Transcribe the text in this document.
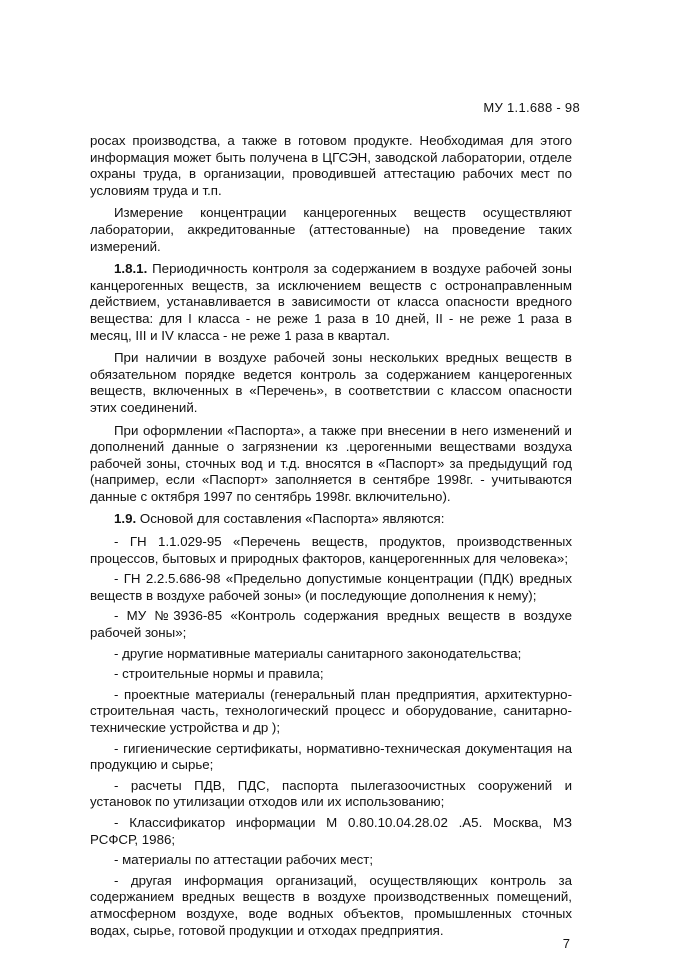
МУ 1.1.688 - 98

росах производства, а также в готовом продукте. Необходимая для этого информация может быть получена в ЦГСЭН, заводской лаборатории, отделе охраны труда, в организации, проводившей аттестацию рабочих мест по условиям труда и т.п.

Измерение концентрации канцерогенных веществ осуществляют лаборатории, аккредитованные (аттестованные) на проведение таких измерений.

1.8.1. Периодичность контроля за содержанием в воздухе рабочей зоны канцерогенных веществ, за исключением веществ с остронаправленным действием, устанавливается в зависимости от класса опасности вредного вещества: для I класса - не реже 1 раза в 10 дней, II - не реже 1 раза в месяц, III и IV класса - не реже 1 раза в квартал.

При наличии в воздухе рабочей зоны нескольких вредных веществ в обязательном порядке ведется контроль за содержанием канцерогенных веществ, включенных в «Перечень», в соответствии с классом опасности этих соединений.

При оформлении «Паспорта», а также при внесении в него изменений и дополнений данные о загрязнении кз .церогенными веществами воздуха рабочей зоны, сточных вод и т.д. вносятся в «Паспорт» за предыдущий год (например, если «Паспорт» заполняется в сентябре 1998г. - учитываются данные с октября 1997 по сентябрь 1998г. включительно).

1.9. Основой для составления «Паспорта» являются:

- ГН 1.1.029-95 «Перечень веществ, продуктов, производственных процессов, бытовых и природных факторов, канцерогеннных для человека»;

- ГН 2.2.5.686-98 «Предельно допустимые концентрации (ПДК) вредных веществ в воздухе рабочей зоны» (и последующие дополнения к нему);

- МУ №3936-85 «Контроль содержания вредных веществ в воздухе рабочей зоны»;

- другие нормативные материалы санитарного законодательства;

- строительные нормы и правила;

- проектные материалы (генеральный план предприятия, архитектурно-строительная часть, технологический процесс и оборудование, санитарно-технические устройства и др );

- гигиенические сертификаты, нормативно-техническая документация на продукцию и сырье;

- расчеты ПДВ, ПДС, паспорта пылегазоочистных сооружений и установок по утилизации отходов или их использованию;

- Классификатор информации М 0.80.10.04.28.02 .А5. Москва, МЗ РСФСР, 1986;

- материалы по аттестации рабочих мест;

- другая информация организаций, осуществляющих контроль за содержанием вредных веществ в воздухе производственных помещений, атмосферном воздухе, воде водных объектов, промышленных сточных водах, сырье, готовой продукции и отходах предприятия.

7
